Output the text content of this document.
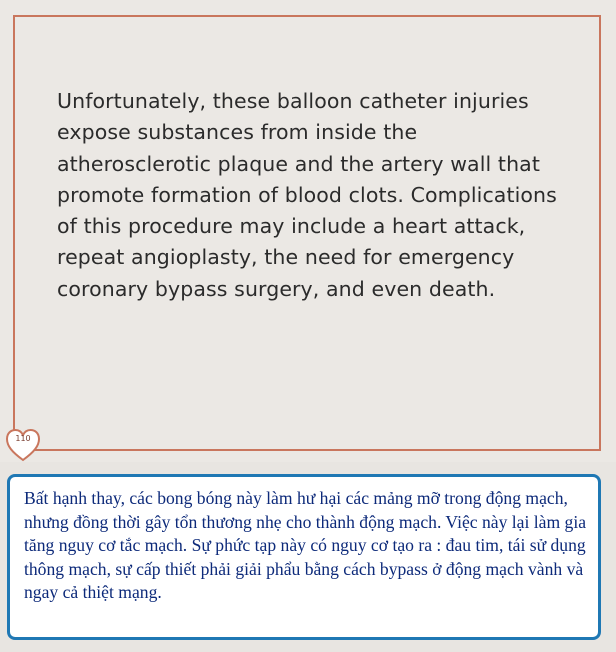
Unfortunately, these balloon catheter injuries expose substances from inside the atherosclerotic plaque and the artery wall that promote formation of blood clots. Complications of this procedure may include a heart attack, repeat angioplasty, the need for emergency coronary bypass surgery, and even death.

110

Bất hạnh thay, các bong bóng này làm hư hại các mảng mỡ trong động mạch, nhưng đồng thời gây tổn thương nhẹ cho thành động mạch. Việc này lại làm gia tăng nguy cơ tắc mạch. Sự phức tạp này có nguy cơ tạo ra : đau tim, tái sử dụng thông mạch, sự cấp thiết phải giải phẩu bằng cách bypass ở động mạch vành và ngay cả thiệt mạng.
